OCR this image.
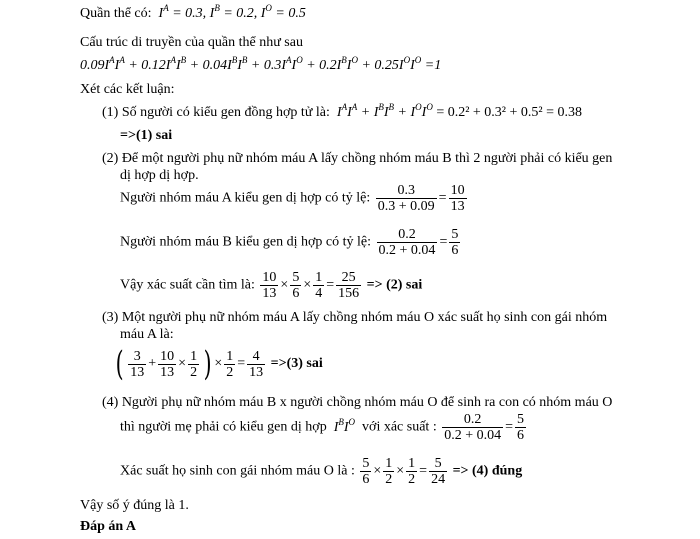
Quần thể có:  $I^A = 0.3$, $I^B = 0.2$, $I^O = 0.5$
Cấu trúc di truyền của quần thể như sau
$0.09I^AI^A + 0.12I^AI^B + 0.04I^BI^B + 0.3I^AI^O + 0.2I^BI^O + 0.25I^OI^O =1$
Xét các kết luận:
(1) Số người có kiểu gen đồng hợp tử là:  $I^AI^A + I^BI^B + I^OI^O = 0.2^2 + 0.3^2 + 0.5^2 = 0.38$
=>(1) sai
(2) Để một người phụ nữ nhóm máu A lấy chồng nhóm máu B thì 2 người phải có kiểu gen
dị hợp dị hợp.
Người nhóm máu A kiểu gen dị hợp có tỷ lệ: $\frac{0.3}{0.3 + 0.09} = \frac{10}{13}$
Người nhóm máu B kiểu gen dị hợp có tỷ lệ: $\frac{0.2}{0.2 + 0.04} = \frac{5}{6}$
Vậy xác suất cần tìm là: $\frac{10}{13} \times \frac{5}{6} \times \frac{1}{4} = \frac{25}{156} => (2)$ sai
(3) Một người phụ nữ nhóm máu A lấy chồng nhóm máu O xác suất họ sinh con gái nhóm
máu A là:
( $\frac{3}{13} + \frac{10}{13} \times \frac{1}{2}$ ) × $\frac{1}{2} = \frac{4}{13} =>(3)$ sai
(4) Người phụ nữ nhóm máu B x người chồng nhóm máu O để sinh ra con có nhóm máu O
thì người mẹ phải có kiểu gen dị hợp  $I^BI^O$ với xác suất : $\frac{0.2}{0.2 + 0.04} = \frac{5}{6}$
Xác suất họ sinh con gái nhóm máu O là : $\frac{5}{6} \times \frac{1}{2} \times \frac{1}{2} = \frac{5}{24} => (4)$ đúng
Vậy số ý đúng là 1.
Đáp án A
